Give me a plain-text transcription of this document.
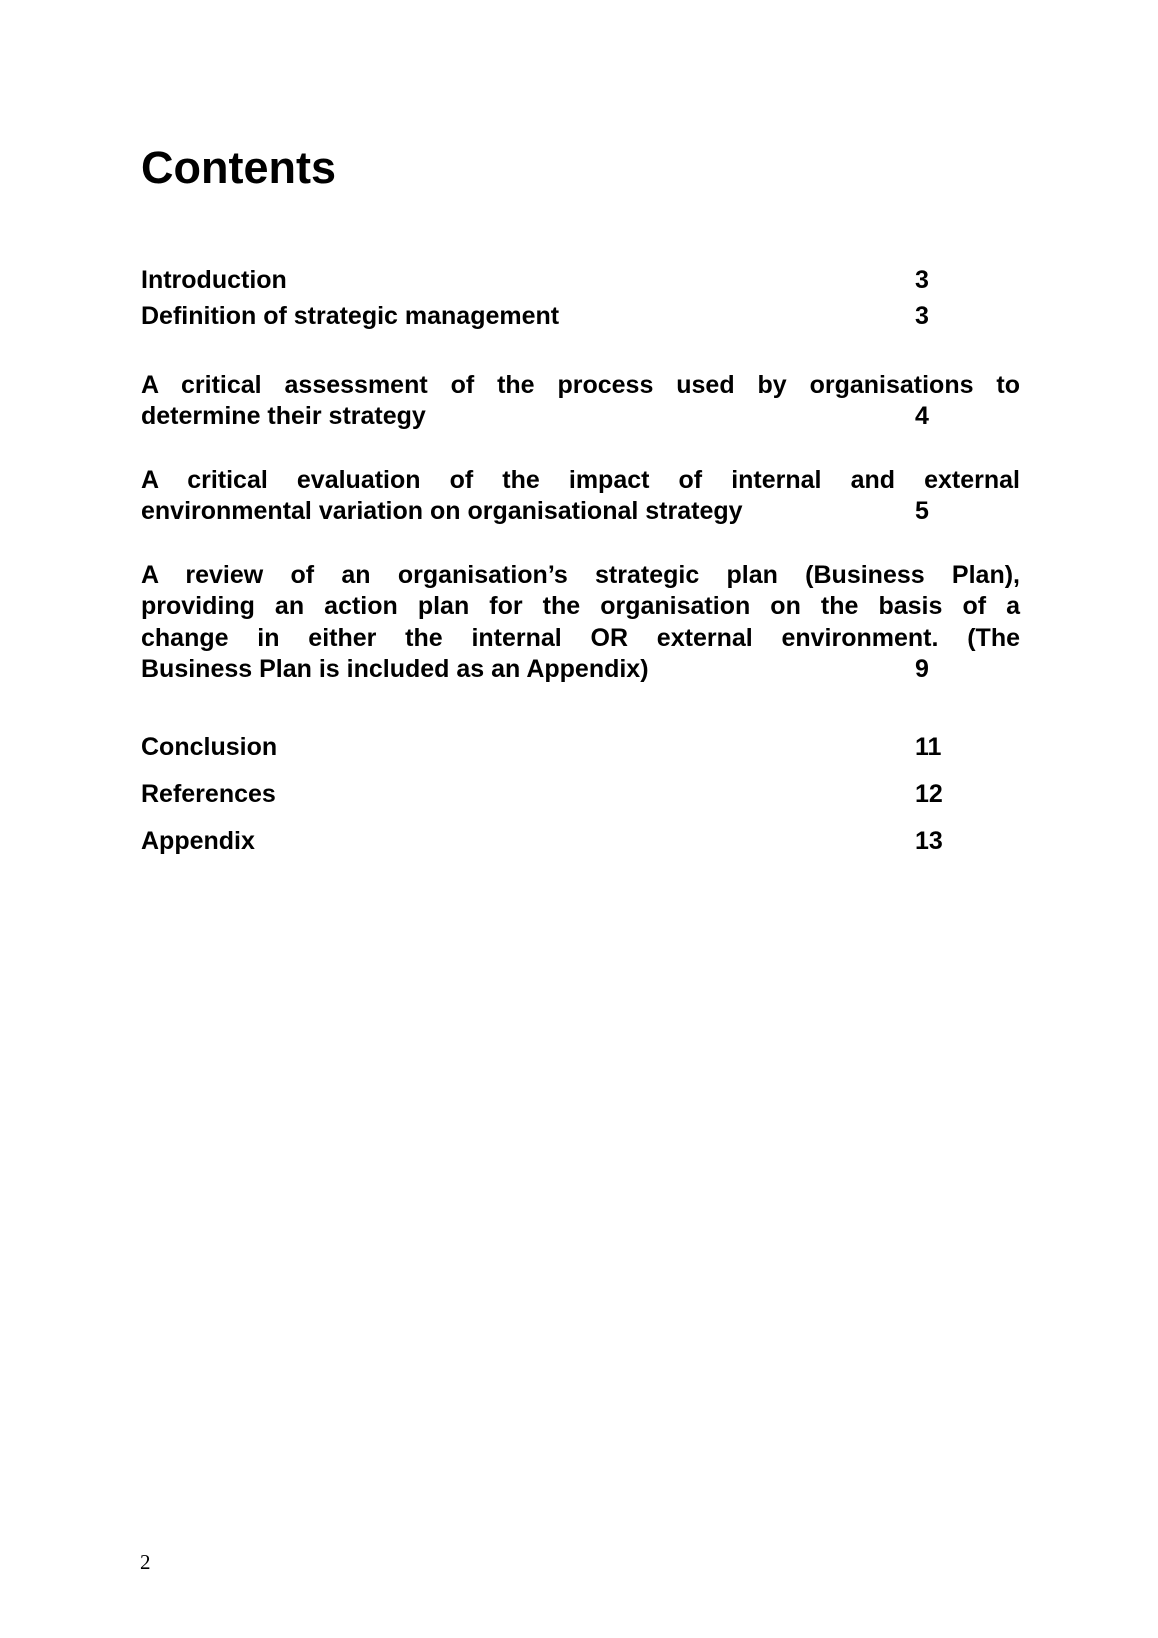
Contents
Introduction	3
Definition of strategic management	3
A critical assessment of the process used by organisations to
determine their strategy	4
A critical evaluation of the impact of internal and external
environmental variation on organisational strategy	5
A review of an organisation’s strategic plan (Business Plan),
providing an action plan for the organisation on the basis of a
change in either the internal OR external environment. (The
Business Plan is included as an Appendix)	9
Conclusion	11
References	12
Appendix	13
2
